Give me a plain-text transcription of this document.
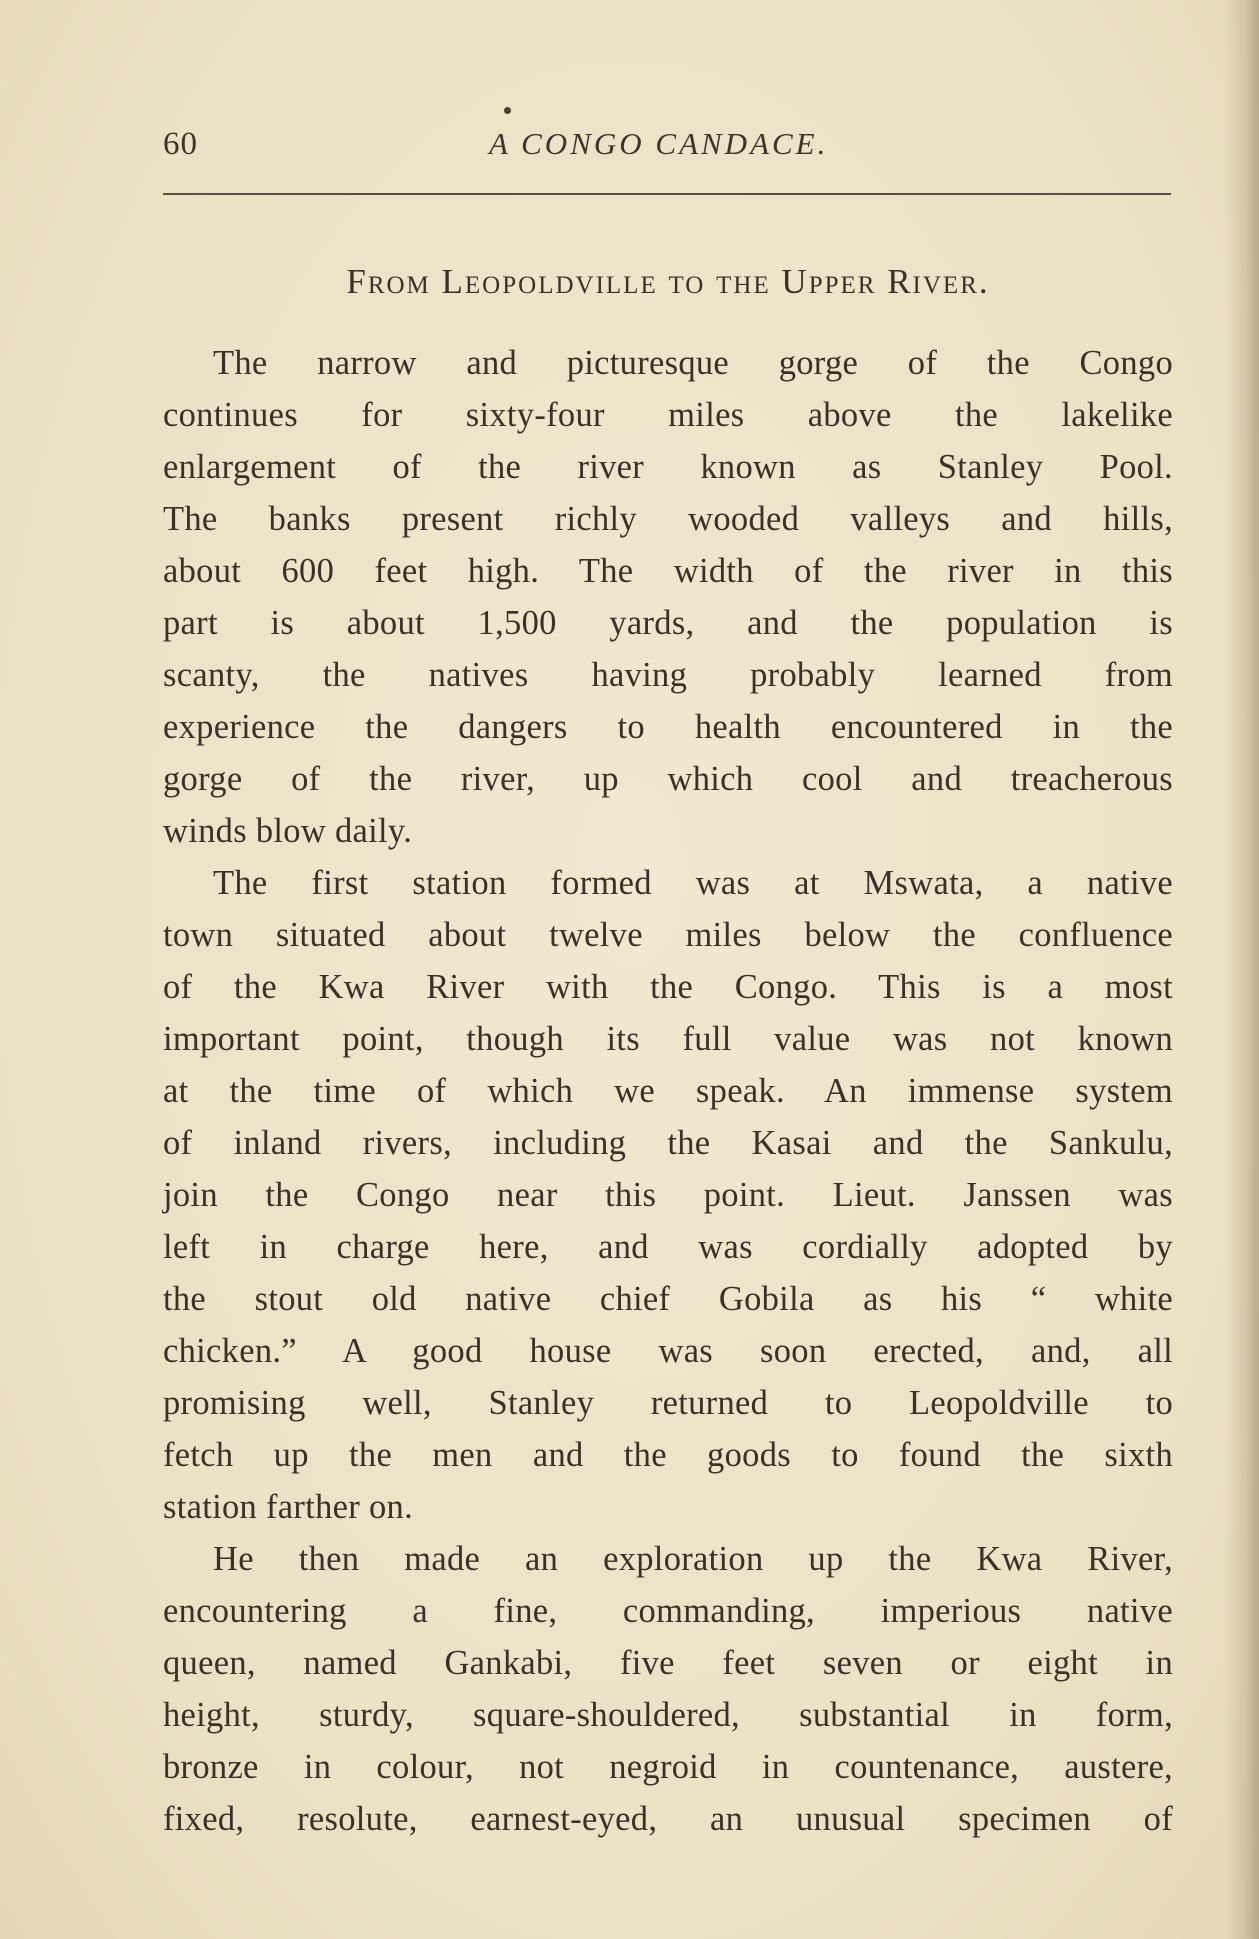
60	A CONGO CANDACE.
From Leopoldville to the Upper River.
The narrow and picturesque gorge of the Congo
continues for sixty-four miles above the lakelike
enlargement of the river known as Stanley Pool.
The banks present richly wooded valleys and hills,
about 600 feet high. The width of the river in this
part is about 1,500 yards, and the population is
scanty, the natives having probably learned from
experience the dangers to health encountered in the
gorge of the river, up which cool and treacherous
winds blow daily.
The first station formed was at Mswata, a native
town situated about twelve miles below the confluence
of the Kwa River with the Congo. This is a most
important point, though its full value was not known
at the time of which we speak. An immense system
of inland rivers, including the Kasai and the Sankulu,
join the Congo near this point. Lieut. Janssen was
left in charge here, and was cordially adopted by
the stout old native chief Gobila as his “ white
chicken.” A good house was soon erected, and, all
promising well, Stanley returned to Leopoldville to
fetch up the men and the goods to found the sixth
station farther on.
He then made an exploration up the Kwa River,
encountering a fine, commanding, imperious native
queen, named Gankabi, five feet seven or eight in
height, sturdy, square-shouldered, substantial in form,
bronze in colour, not negroid in countenance, austere,
fixed, resolute, earnest-eyed, an unusual specimen of
